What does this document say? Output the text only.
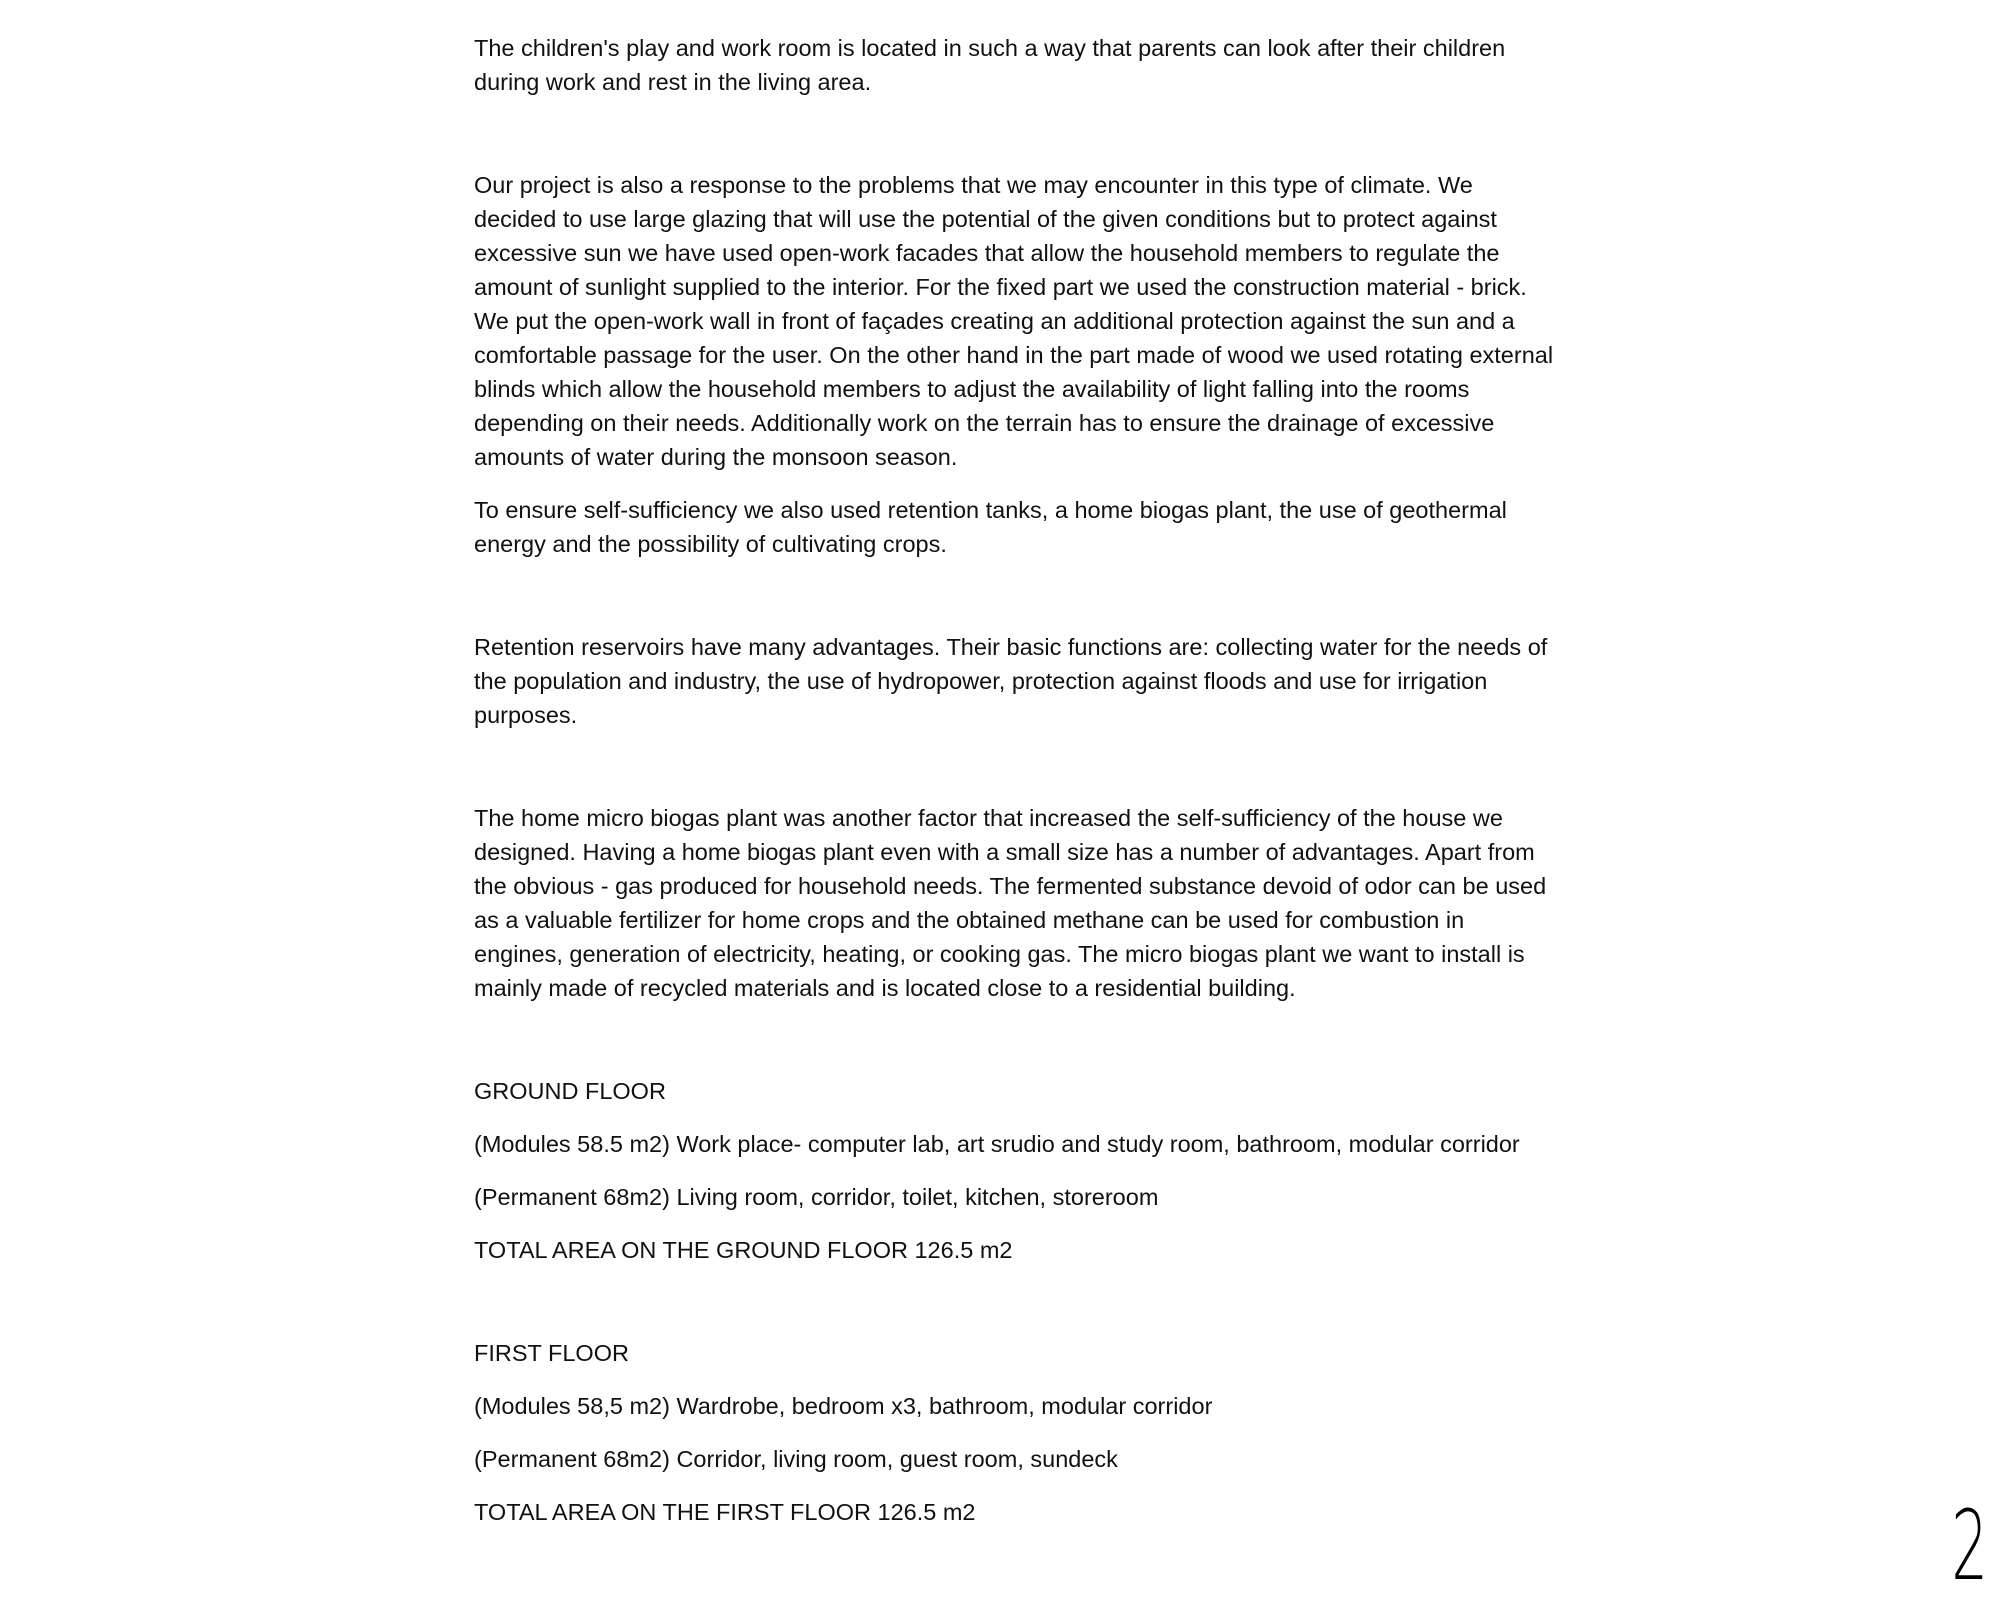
The children's play and work room is located in such a way that parents can look after their children during work and rest in the living area.

Our project is also a response to the problems that we may encounter in this type of climate. We decided to use large glazing that will use the potential of the given conditions but to protect against excessive sun we have used open-work facades that allow the household members to regulate the amount of sunlight supplied to the interior. For the fixed part we used the construction material - brick. We put the open-work wall in front of façades creating an additional protection against the sun and a comfortable passage for the user. On the other hand in the part made of wood we used rotating external blinds which allow the household members to adjust the availability of light falling into the rooms depending on their needs. Additionally work on the terrain has to ensure the drainage of excessive amounts of water during the monsoon season.

To ensure self-sufficiency we also used retention tanks, a home biogas plant, the use of geothermal energy and the possibility of cultivating crops.

Retention reservoirs have many advantages. Their basic functions are: collecting water for the needs of the population and industry, the use of hydropower, protection against floods and use for irrigation purposes.

The home micro biogas plant was another factor that increased the self-sufficiency of the house we designed. Having a home biogas plant even with a small size has a number of advantages. Apart from the obvious - gas produced for household needs. The fermented substance devoid of odor can be used as a valuable fertilizer for home crops and the obtained methane can be used for combustion in engines, generation of electricity, heating, or cooking gas. The micro biogas plant we want to install is mainly made of recycled materials and is located close to a residential building.

GROUND FLOOR

(Modules 58.5 m2) Work place- computer lab, art srudio and study room, bathroom, modular corridor

(Permanent 68m2) Living room, corridor, toilet, kitchen, storeroom

TOTAL AREA ON THE GROUND FLOOR 126.5 m2

FIRST FLOOR

(Modules 58,5 m2) Wardrobe, bedroom x3, bathroom, modular corridor

(Permanent 68m2) Corridor, living room, guest room, sundeck

TOTAL AREA ON THE FIRST FLOOR 126.5 m2	2
